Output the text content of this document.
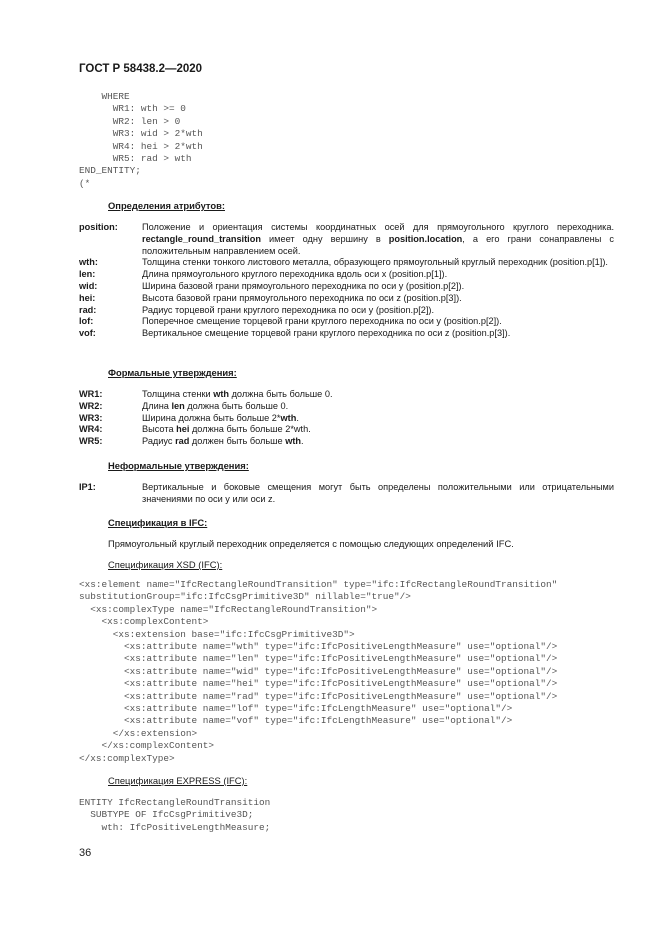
ГОСТ Р 58438.2—2020
WHERE
WR1: wth >= 0
WR2: len > 0
WR3: wid > 2*wth
WR4: hei > 2*wth
WR5: rad > wth
END_ENTITY;
(*
Определения атрибутов:
position:	Положение и ориентация системы координатных осей для прямоугольного круглого переходника. rectangle_round_transition имеет одну вершину в position.location, а его грани сонаправлены с положительным направлением осей.
wth:	Толщина стенки тонкого листового металла, образующего прямоугольный круглый переходник (position.p[1]).
len:	Длина прямоугольного круглого переходника вдоль оси x (position.p[1]).
wid:	Ширина базовой грани прямоугольного переходника по оси y (position.p[2]).
hei:	Высота базовой грани прямоугольного переходника по оси z (position.p[3]).
rad:	Радиус торцевой грани круглого переходника по оси y (position.p[2]).
lof:	Поперечное смещение торцевой грани круглого переходника по оси y (position.p[2]).
vof:	Вертикальное смещение торцевой грани круглого переходника по оси z (position.p[3]).
Формальные утверждения:
WR1:	Толщина стенки wth должна быть больше 0.
WR2:	Длина len должна быть больше 0.
WR3:	Ширина должна быть больше 2*wth.
WR4:	Высота hei должна быть больше 2*wth.
WR5:	Радиус rad должен быть больше wth.
Неформальные утверждения:
IP1:	Вертикальные и боковые смещения могут быть определены положительными или отрицательными значениями по оси y или оси z.
Спецификация в IFC:
Прямоугольный круглый переходник определяется с помощью следующих определений IFC.
Спецификация XSD (IFC):
<xs:element name="IfcRectangleRoundTransition" type="ifc:IfcRectangleRoundTransition"
substitutionGroup="ifc:IfcCsgPrimitive3D" nillable="true"/>
<xs:complexType name="IfcRectangleRoundTransition">
<xs:complexContent>
<xs:extension base="ifc:IfcCsgPrimitive3D">
<xs:attribute name="wth" type="ifc:IfcPositiveLengthMeasure" use="optional"/>
<xs:attribute name="len" type="ifc:IfcPositiveLengthMeasure" use="optional"/>
<xs:attribute name="wid" type="ifc:IfcPositiveLengthMeasure" use="optional"/>
<xs:attribute name="hei" type="ifc:IfcPositiveLengthMeasure" use="optional"/>
<xs:attribute name="rad" type="ifc:IfcPositiveLengthMeasure" use="optional"/>
<xs:attribute name="lof" type="ifc:IfcLengthMeasure" use="optional"/>
<xs:attribute name="vof" type="ifc:IfcLengthMeasure" use="optional"/>
</xs:extension>
</xs:complexContent>
</xs:complexType>
Спецификация EXPRESS (IFC):
ENTITY IfcRectangleRoundTransition
SUBTYPE OF IfcCsgPrimitive3D;
wth: IfcPositiveLengthMeasure;
36
